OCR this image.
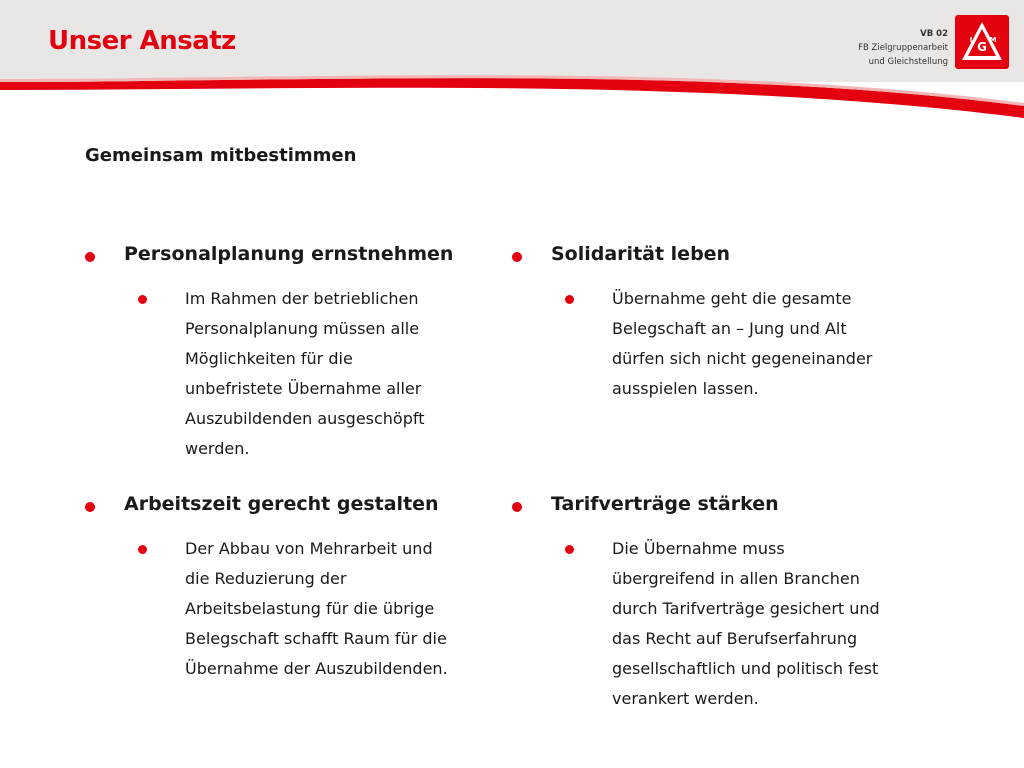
Unser Ansatz	VB 02
FB Zielgruppenarbeit
und Gleichstellung
G
I M
Gemeinsam mitbestimmen
Personalplanung ernstnehmen
Im Rahmen der betrieblichen
Personalplanung müssen alle
Möglichkeiten für die
unbefristete Übernahme aller
Auszubildenden ausgeschöpft
werden.
Solidarität leben
Übernahme geht die gesamte
Belegschaft an – Jung und Alt
dürfen sich nicht gegeneinander
ausspielen lassen.
Arbeitszeit gerecht gestalten
Der Abbau von Mehrarbeit und
die Reduzierung der
Arbeitsbelastung für die übrige
Belegschaft schafft Raum für die
Übernahme der Auszubildenden.
Tarifverträge stärken
Die Übernahme muss
übergreifend in allen Branchen
durch Tarifverträge gesichert und
das Recht auf Berufserfahrung
gesellschaftlich und politisch fest
verankert werden.
